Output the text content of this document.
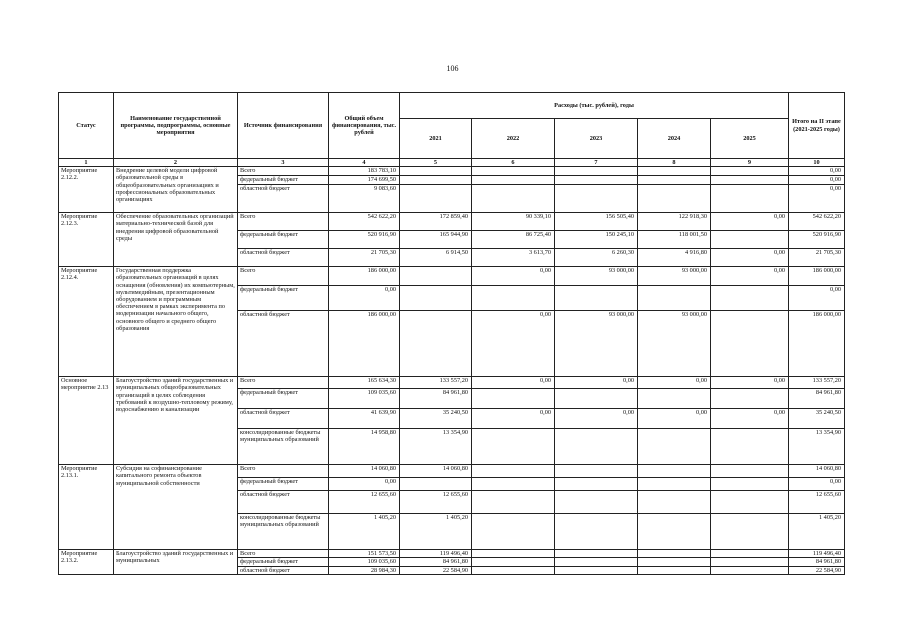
106
Статус	Наименование государственной программы, подпрограммы, основные мероприятия	Источник финансирования	Общий объем финансирования, тыс. рублей	Расходы (тыс. рублей), годы					Итого на II этапе (2021-2025 годы)
				2021	2022	2023	2024	2025	
1	2	3	4	5	6	7	8	9	10
Мероприятие 2.12.2.	Внедрение целевой модели цифровой образовательной среды в общеобразовательных организациях и профессиональных образовательных организациях	Всего	183 783,10						0,00
		федеральный бюджет	174 699,50						0,00
		областной бюджет	9 083,60						0,00
Мероприятие 2.12.3.	Обеспечение образовательных организаций материально-технической базой для внедрения цифровой образовательной среды	Всего	542 622,20	172 859,40	90 339,10	156 505,40	122 918,30	0,00	542 622,20
		федеральный бюджет	520 916,90	165 944,90	86 725,40	150 245,10	118 001,50		520 916,90
		областной бюджет	21 705,30	6 914,50	3 613,70	6 260,30	4 916,80	0,00	21 705,30
Мероприятие 2.12.4.	Государственная поддержка образовательных организаций в целях оснащения (обновления) их компьютерным, мультимедийным, презентационным оборудованием и программным обеспечением в рамках эксперимента по модернизации начального общего, основного общего и среднего общего образования	Всего	186 000,00		0,00	93 000,00	93 000,00	0,00	186 000,00
		федеральный бюджет	0,00						0,00
		областной бюджет	186 000,00		0,00	93 000,00	93 000,00		186 000,00
Основное мероприятие 2.13	Благоустройство зданий государственных и муниципальных общеобразовательных организаций в целях соблюдения требований к воздушно-тепловому режиму, водоснабжению и канализации	Всего	165 634,30	133 557,20	0,00	0,00	0,00	0,00	133 557,20
		федеральный бюджет	109 035,60	84 961,80					84 961,80
		областной бюджет	41 639,90	35 240,50	0,00	0,00	0,00	0,00	35 240,50
		консолидированные бюджеты муниципальных образований	14 958,80	13 354,90					13 354,90
Мероприятие 2.13.1.	Субсидия на софинансирование капитального ремонта объектов муниципальной собственности	Всего	14 060,80	14 060,80					14 060,80
		федеральный бюджет	0,00						0,00
		областной бюджет	12 655,60	12 655,60					12 655,60
		консолидированные бюджеты муниципальных образований	1 405,20	1 405,20					1 405,20
Мероприятие 2.13.2.	Благоустройство зданий государственных и муниципальных	Всего	151 573,50	119 496,40					119 496,40
		федеральный бюджет	109 035,60	84 961,80					84 961,80
		областной бюджет	28 984,30	22 584,90					22 584,90
